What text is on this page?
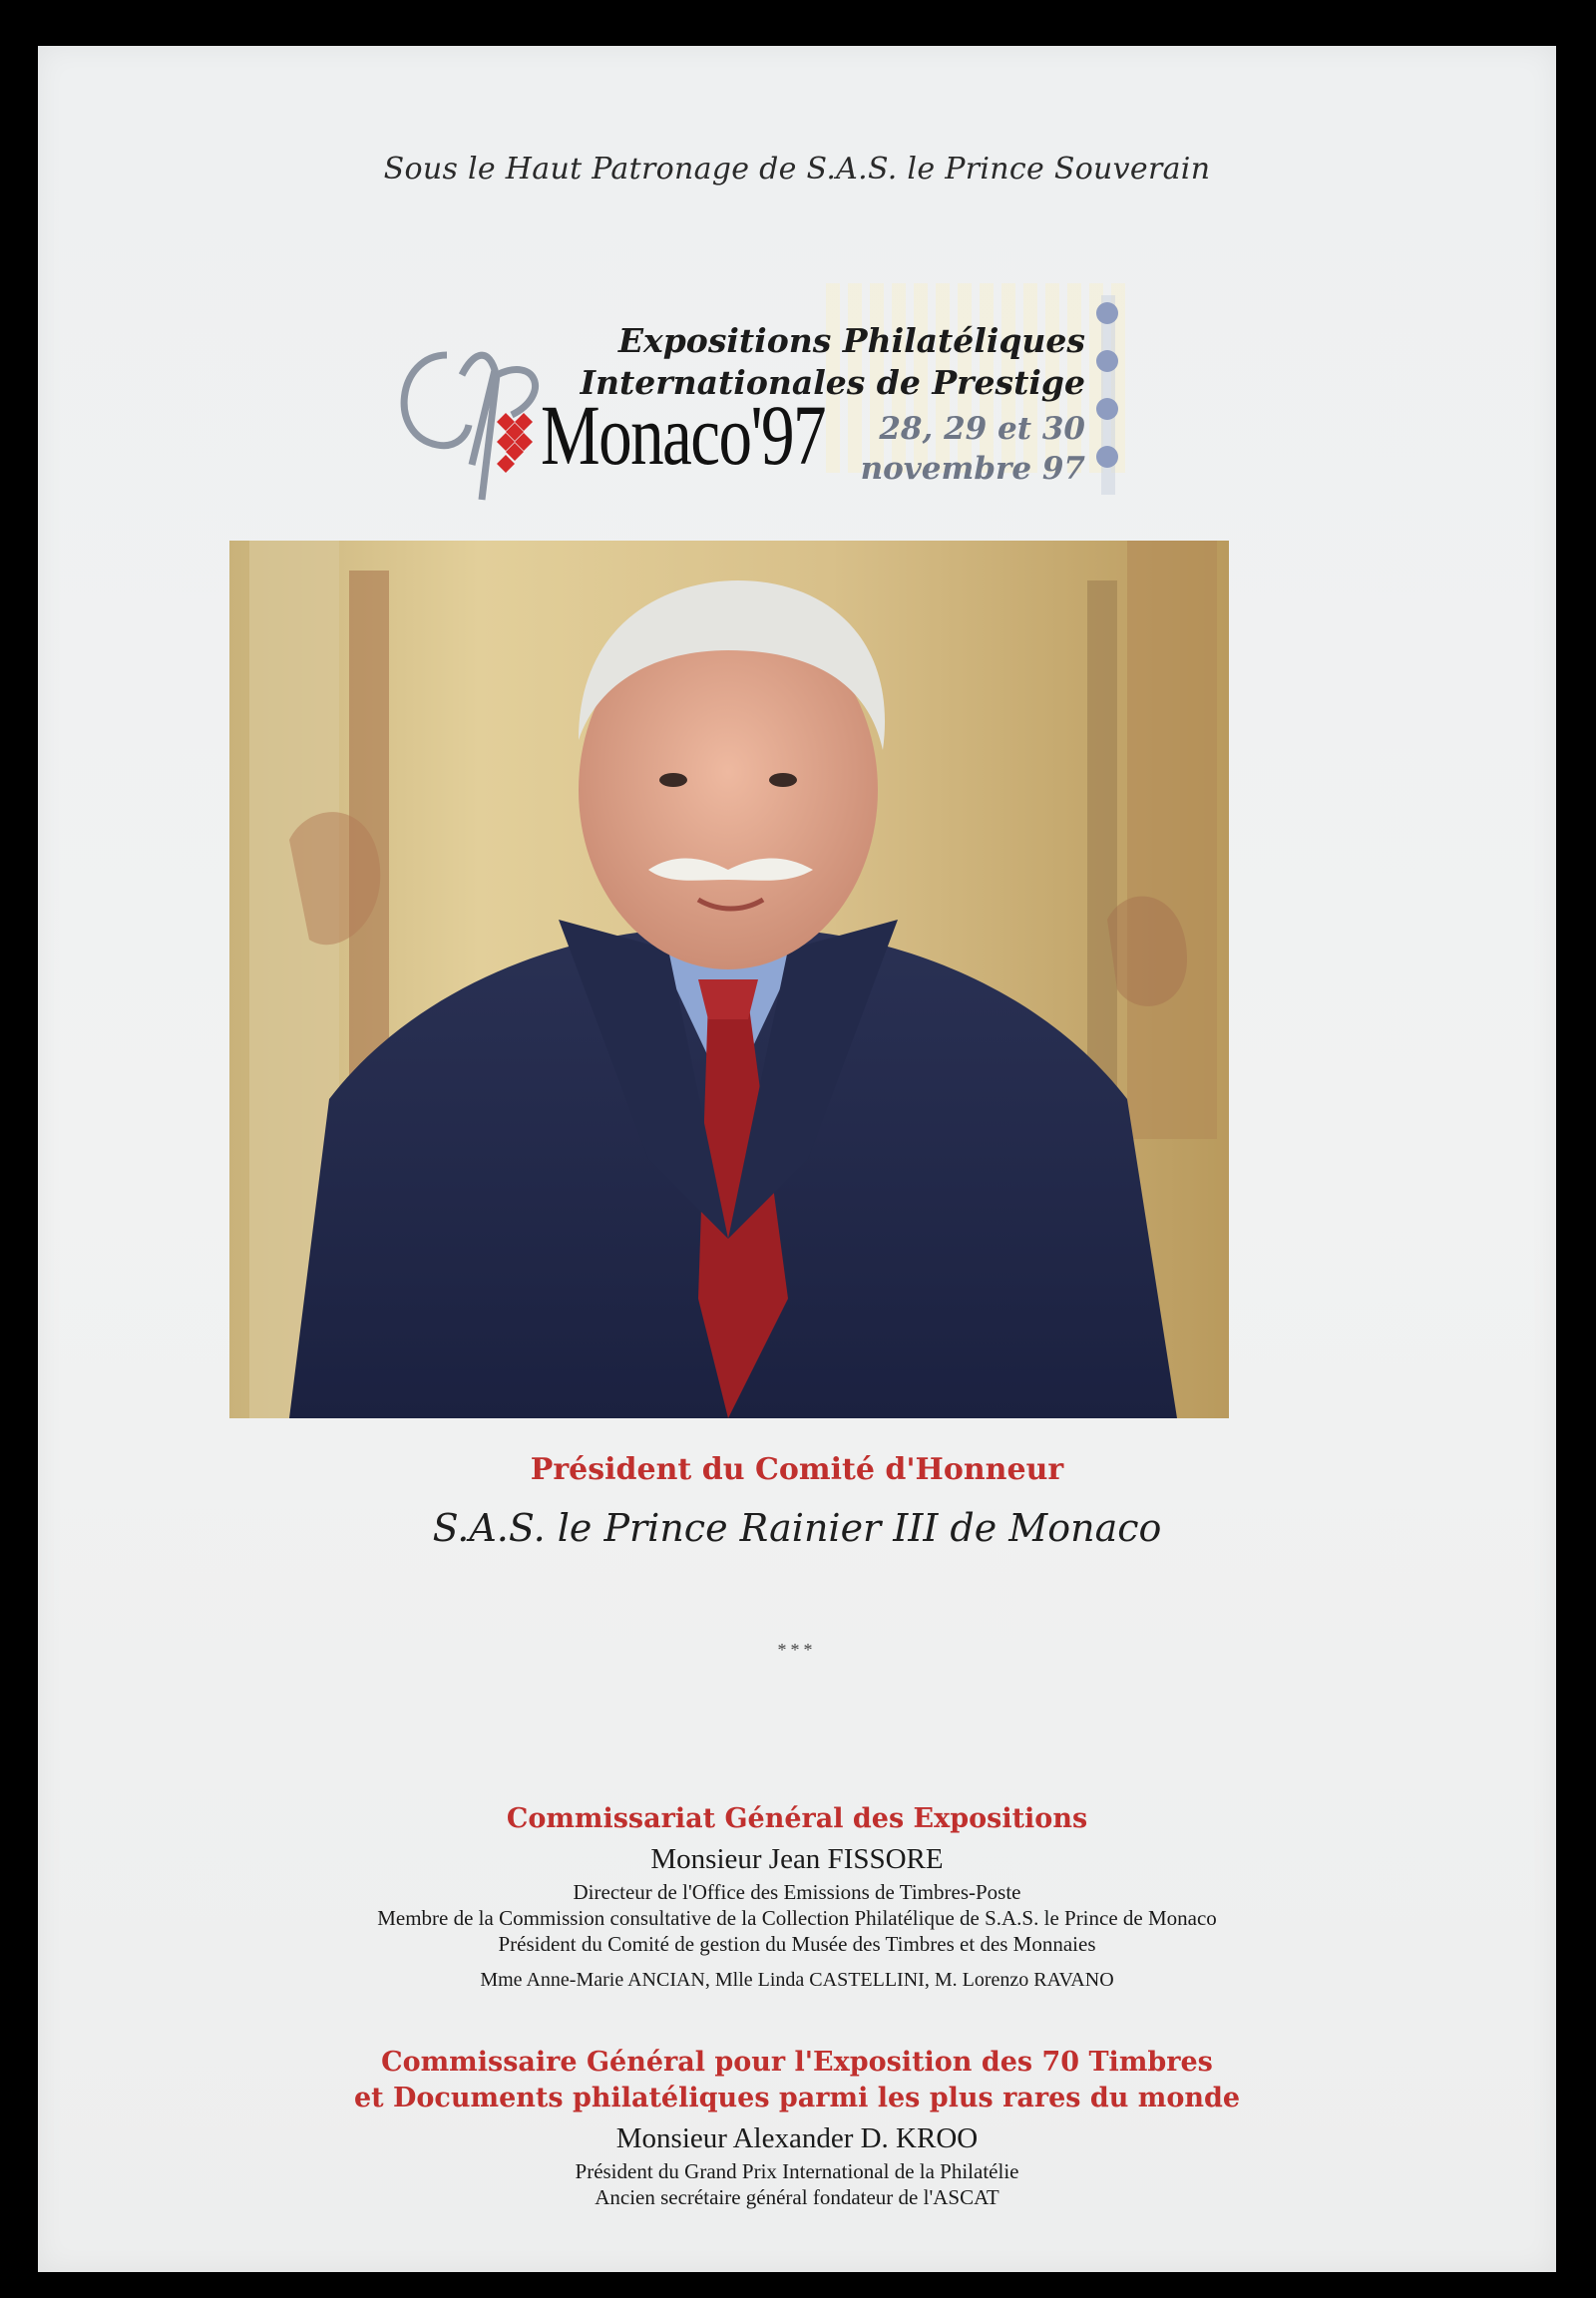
Sous le Haut Patronage de S.A.S. le Prince Souverain
Monaco'97
Expositions Philatéliques
Internationales de Prestige
28, 29 et 30
novembre 97
Président du Comité d'Honneur
S.A.S. le Prince Rainier III de Monaco
***
Commissariat Général des Expositions
Monsieur Jean FISSORE
Directeur de l'Office des Emissions de Timbres-Poste
Membre de la Commission consultative de la Collection Philatélique de S.A.S. le Prince de Monaco
Président du Comité de gestion du Musée des Timbres et des Monnaies
Mme Anne-Marie ANCIAN, Mlle Linda CASTELLINI, M. Lorenzo RAVANO
Commissaire Général pour l'Exposition des 70 Timbres
et Documents philatéliques parmi les plus rares du monde
Monsieur Alexander D. KROO
Président du Grand Prix International de la Philatélie
Ancien secrétaire général fondateur de l'ASCAT
